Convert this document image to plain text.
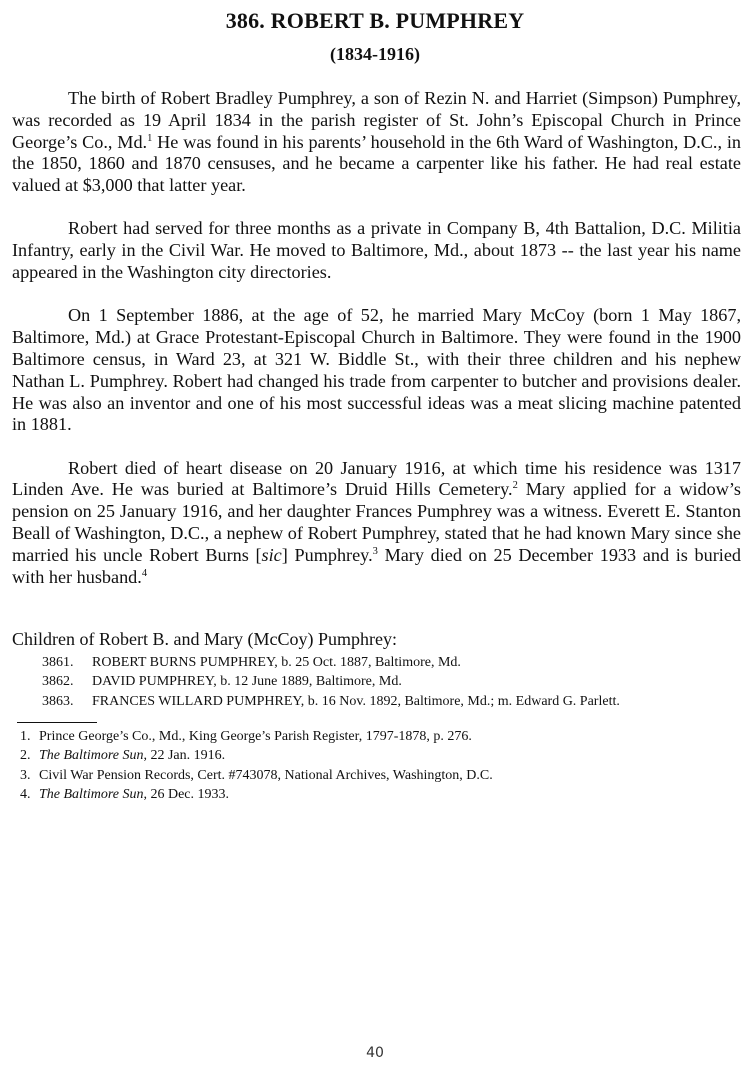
386. ROBERT B. PUMPHREY
(1834-1916)

The birth of Robert Bradley Pumphrey, a son of Rezin N. and Harriet (Simpson) Pumphrey, was recorded as 19 April 1834 in the parish register of St. John’s Episcopal Church in Prince George’s Co., Md.$^1$ He was found in his parents’ household in the 6th Ward of Washington, D.C., in the 1850, 1860 and 1870 censuses, and he became a carpenter like his father. He had real estate valued at $3,000 that latter year.

Robert had served for three months as a private in Company B, 4th Battalion, D.C. Militia Infantry, early in the Civil War. He moved to Baltimore, Md., about 1873 -- the last year his name appeared in the Washington city directories.

On 1 September 1886, at the age of 52, he married Mary McCoy (born 1 May 1867, Baltimore, Md.) at Grace Protestant-Episcopal Church in Baltimore. They were found in the 1900 Baltimore census, in Ward 23, at 321 W. Biddle St., with their three children and his nephew Nathan L. Pumphrey. Robert had changed his trade from carpenter to butcher and provisions dealer. He was also an inventor and one of his most successful ideas was a meat slicing machine patented in 1881.

Robert died of heart disease on 20 January 1916, at which time his residence was 1317 Linden Ave. He was buried at Baltimore’s Druid Hills Cemetery.$^2$ Mary applied for a widow’s pension on 25 January 1916, and her daughter Frances Pumphrey was a witness. Everett E. Stanton Beall of Washington, D.C., a nephew of Robert Pumphrey, stated that he had known Mary since she married his uncle Robert Burns [sic] Pumphrey.$^3$ Mary died on 25 December 1933 and is buried with her husband.$^4$

Children of Robert B. and Mary (McCoy) Pumphrey:
3861. ROBERT BURNS PUMPHREY, b. 25 Oct. 1887, Baltimore, Md.
3862. DAVID PUMPHREY, b. 12 June 1889, Baltimore, Md.
3863. FRANCES WILLARD PUMPHREY, b. 16 Nov. 1892, Baltimore, Md.; m. Edward G. Parlett.
1. Prince George’s Co., Md., King George’s Parish Register, 1797-1878, p. 276.
2. The Baltimore Sun, 22 Jan. 1916.
3. Civil War Pension Records, Cert. #743078, National Archives, Washington, D.C.
4. The Baltimore Sun, 26 Dec. 1933.
40
